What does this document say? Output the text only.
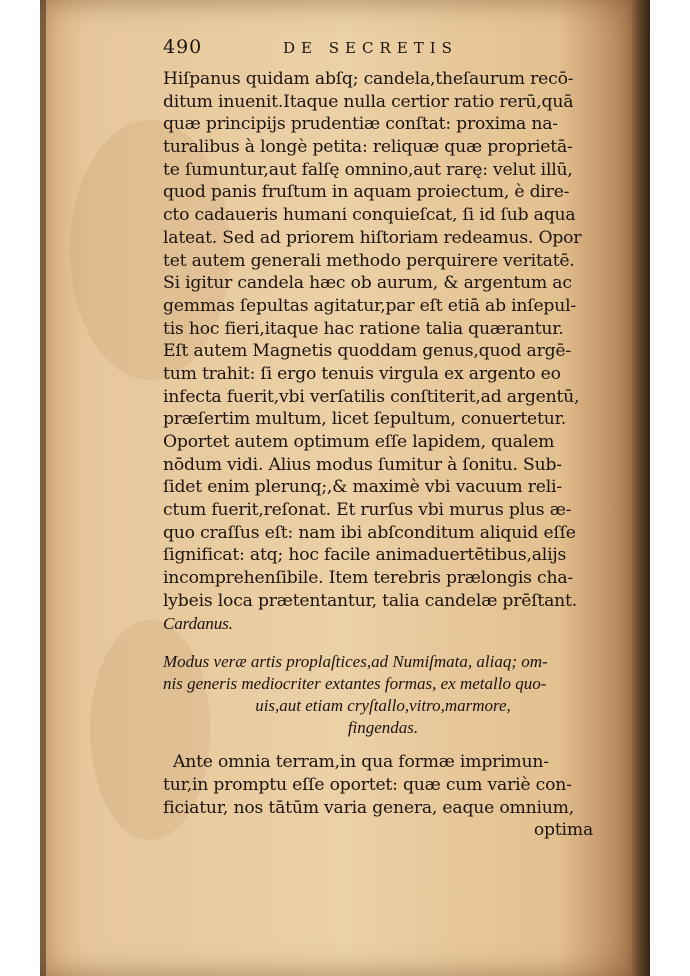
490	DE SECRETIS
Hiſpanus quidam abſq; candela,theſaurum recō-
ditum inuenit.Itaque nulla certior ratio rerū,quā
quæ principijs prudentiæ conſtat: proxima na-
turalibus à longè petita: reliquæ quæ proprietā-
te ſumuntur,aut falſę omnino,aut rarę: velut illū,
quod panis fruſtum in aquam proiectum, è dire-
cto cadaueris humani conquieſcat, ſi id ſub aqua
lateat. Sed ad priorem hiſtoriam redeamus. Opor
tet autem generali methodo perquirere veritatē.
Si igitur candela hæc ob aurum, & argentum ac
gemmas ſepultas agitatur,par eſt etiā ab inſepul-
tis hoc fieri,itaque hac ratione talia quærantur.
Eſt autem Magnetis quoddam genus,quod argē-
tum trahit: ſi ergo tenuis virgula ex argento eo
infecta fuerit,vbi verſatilis conſtiterit,ad argentū,
præſertim multum, licet ſepultum, conuertetur.
Oportet autem optimum eſſe lapidem, qualem
nōdum vidi. Alius modus ſumitur à ſonitu. Sub-
ſidet enim plerunq;,& maximè vbi vacuum reli-
ctum fuerit,reſonat. Et rurſus vbi murus plus æ-
quo craſſus eſt: nam ibi abſconditum aliquid eſſe
ſignificat: atq; hoc facile animaduertētibus,alijs
incomprehenſibile. Item terebris prælongis cha-
lybeis loca prætentantur, talia candelæ prēſtant.
Cardanus.
Modus veræ artis proplaſtices,ad Numiſmata, aliaq; om-
nis generis mediocriter extantes formas, ex metallo quo-
uis,aut etiam cryſtallo,vitro,marmore,
fingendas.
Ante omnia terram,in qua formæ imprimun-
tur,in promptu eſſe oportet: quæ cum variè con-
ficiatur, nos tātūm varia genera, eaque omnium,
optima
